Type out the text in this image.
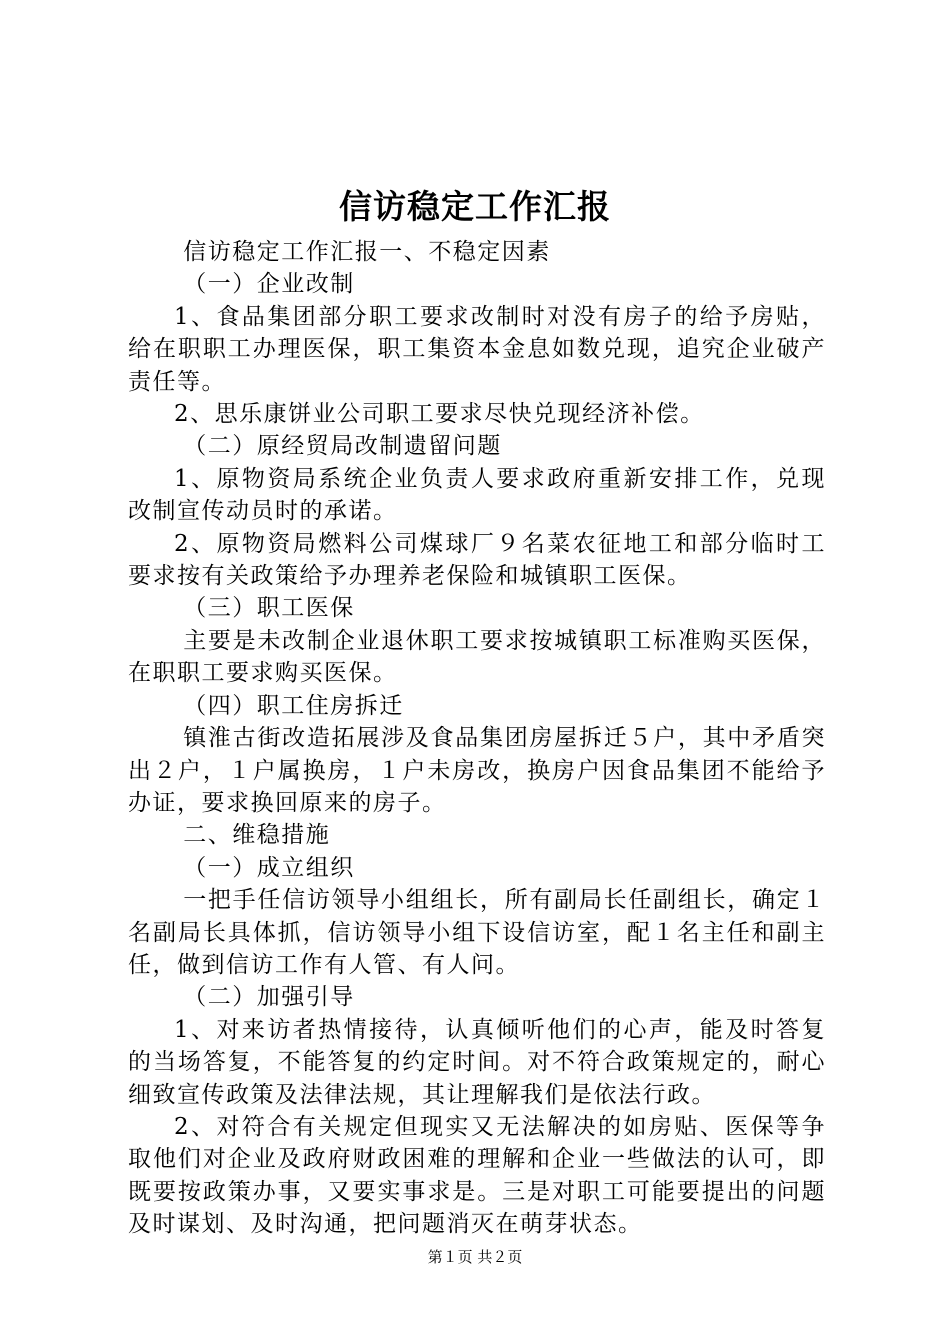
信访稳定工作汇报

信访稳定工作汇报一、不稳定因素

（一）企业改制

1、食品集团部分职工要求改制时对没有房子的给予房贴，给在职职工办理医保，职工集资本金息如数兑现，追究企业破产责任等。

2、思乐康饼业公司职工要求尽快兑现经济补偿。

（二）原经贸局改制遗留问题

1、原物资局系统企业负责人要求政府重新安排工作，兑现改制宣传动员时的承诺。

2、原物资局燃料公司煤球厂９名菜农征地工和部分临时工要求按有关政策给予办理养老保险和城镇职工医保。

（三）职工医保

主要是未改制企业退休职工要求按城镇职工标准购买医保，在职职工要求购买医保。

（四）职工住房拆迁

镇淮古街改造拓展涉及食品集团房屋拆迁５户，其中矛盾突出２户，１户属换房，１户未房改，换房户因食品集团不能给予办证，要求换回原来的房子。

二、维稳措施

（一）成立组织

一把手任信访领导小组组长，所有副局长任副组长，确定１名副局长具体抓，信访领导小组下设信访室，配１名主任和副主任，做到信访工作有人管、有人问。

（二）加强引导

1、对来访者热情接待，认真倾听他们的心声，能及时答复的当场答复，不能答复的约定时间。对不符合政策规定的，耐心细致宣传政策及法律法规，其让理解我们是依法行政。

2、对符合有关规定但现实又无法解决的如房贴、医保等争取他们对企业及政府财政困难的理解和企业一些做法的认可，即既要按政策办事，又要实事求是。三是对职工可能要提出的问题及时谋划、及时沟通，把问题消灭在萌芽状态。

第１页 共２页
